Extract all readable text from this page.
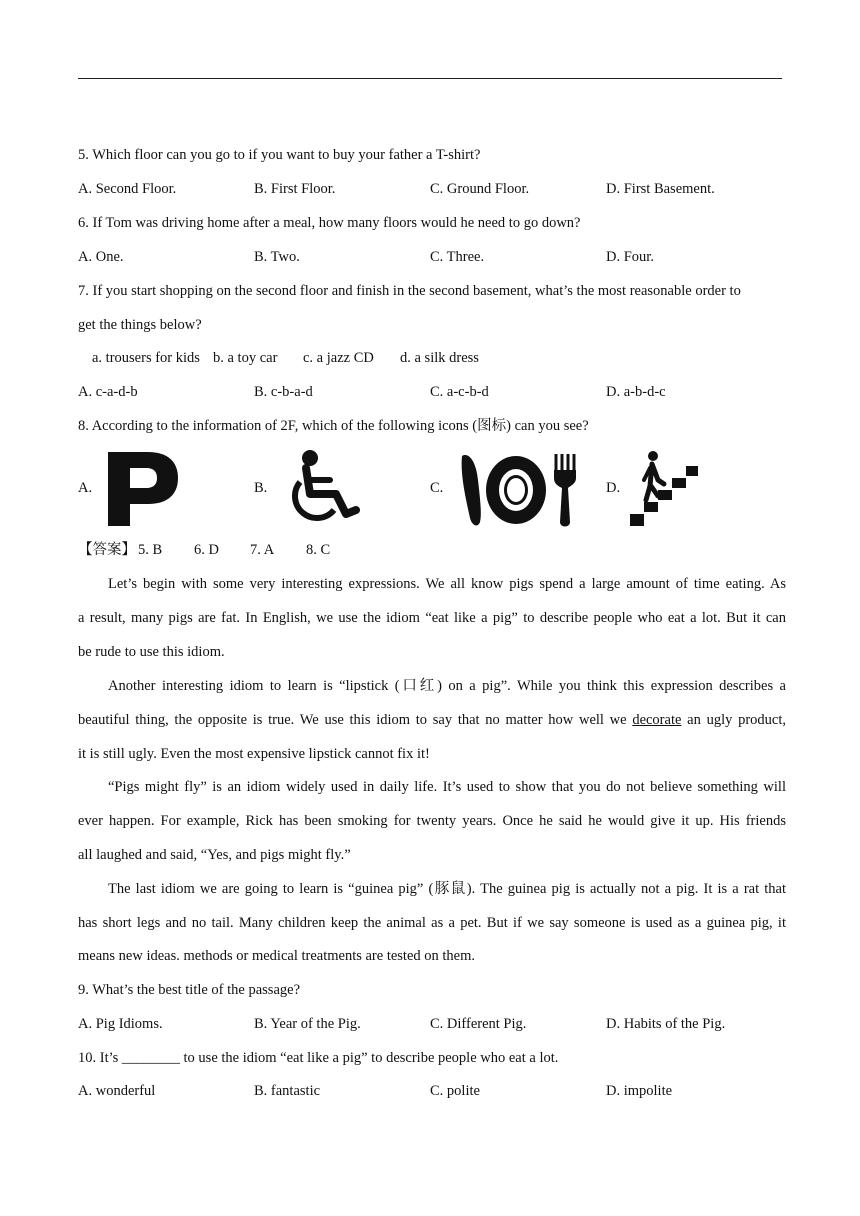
5. Which floor can you go to if you want to buy your father a T-shirt?
A. Second Floor.	B. First Floor.	C. Ground Floor.	D. First Basement.
6. If Tom was driving home after a meal, how many floors would he need to go down?
A. One.	B. Two.	C. Three.	D. Four.
7. If you start shopping on the second floor and finish in the second basement, what’s the most reasonable order to
get the things below?
a. trousers for kids b. a toy car c. a jazz CD d. a silk dress
A. c-a-d-b	B. c-b-a-d	C. a-c-b-d	D. a-b-d-c
8. According to the information of 2F, which of the following icons (图标) can you see?
A.	B.	C.	D.
【答案】 5. B 6. D 7. A 8. C
Let’s begin with some very interesting expressions. We all know pigs spend a large amount of time eating. As
a result, many pigs are fat. In English, we use the idiom “eat like a pig” to describe people who eat a lot. But it can
be rude to use this idiom.
Another interesting idiom to learn is “lipstick (口红) on a pig”. While you think this expression describes a
beautiful thing, the opposite is true. We use this idiom to say that no matter how well we decorate an ugly product,
it is still ugly. Even the most expensive lipstick cannot fix it!
“Pigs might fly” is an idiom widely used in daily life. It’s used to show that you do not believe something will
ever happen. For example, Rick has been smoking for twenty years. Once he said he would give it up. His friends
all laughed and said, “Yes, and pigs might fly.”
The last idiom we are going to learn is “guinea pig” (豚鼠). The guinea pig is actually not a pig. It is a rat that
has short legs and no tail. Many children keep the animal as a pet. But if we say someone is used as a guinea pig, it
means new ideas. methods or medical treatments are tested on them.
9. What’s the best title of the passage?
A. Pig Idioms.	B. Year of the Pig.	C. Different Pig.	D. Habits of the Pig.
10. It’s ________ to use the idiom “eat like a pig” to describe people who eat a lot.
A. wonderful	B. fantastic	C. polite	D. impolite
